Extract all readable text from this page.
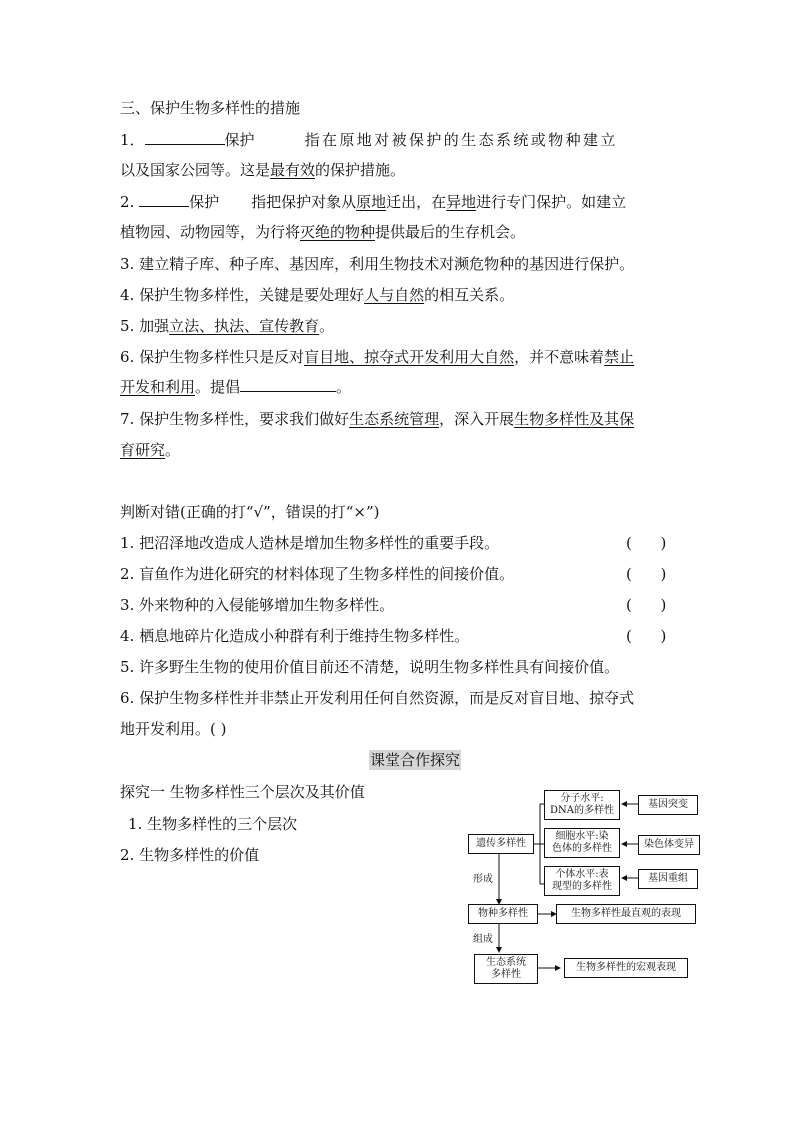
三、保护生物多样性的措施
1．	保护	指在原地对被保护的生态系统或物种建立
以及国家公园等。这是最有效的保护措施。
2.	保护 指把保护对象从原地迁出，在异地进行专门保护。如建立
植物园、动物园等，为行将灭绝的物种提供最后的生存机会。
3. 建立精子库、种子库、基因库，利用生物技术对濒危物种的基因进行保护。
4. 保护生物多样性，关键是要处理好人与自然的相互关系。
5. 加强立法、执法、宣传教育。
6. 保护生物多样性只是反对盲目地、掠夺式开发利用大自然，并不意味着禁止
开发和利用。提倡	。
7. 保护生物多样性，要求我们做好生态系统管理，深入开展生物多样性及其保
育研究。
判断对错(正确的打“√”，错误的打“×”)
1. 把沼泽地改造成人造林是增加生物多样性的重要手段。	(      )
2. 盲鱼作为进化研究的材料体现了生物多样性的间接价值。	(      )
3. 外来物种的入侵能够增加生物多样性。	(      )
4. 栖息地碎片化造成小种群有利于维持生物多样性。	(      )
5. 许多野生生物的使用价值目前还不清楚，说明生物多样性具有间接价值。
6. 保护生物多样性并非禁止开发利用任何自然资源，而是反对盲目地、掠夺式
地开发利用。( )
课堂合作探究
探究一 生物多样性三个层次及其价值
1. 生物多样性的三个层次
2. 生物多样性的价值
遗传多样性
分子水平:
DNA的多样性
细胞水平:染
色体的多样性
个体水平:表
现型的多样性
基因突变
染色体变异
基因重组
形成
物种多样性	生物多样性最直观的表现
组成
生态系统
多样性
生物多样性的宏观表现
